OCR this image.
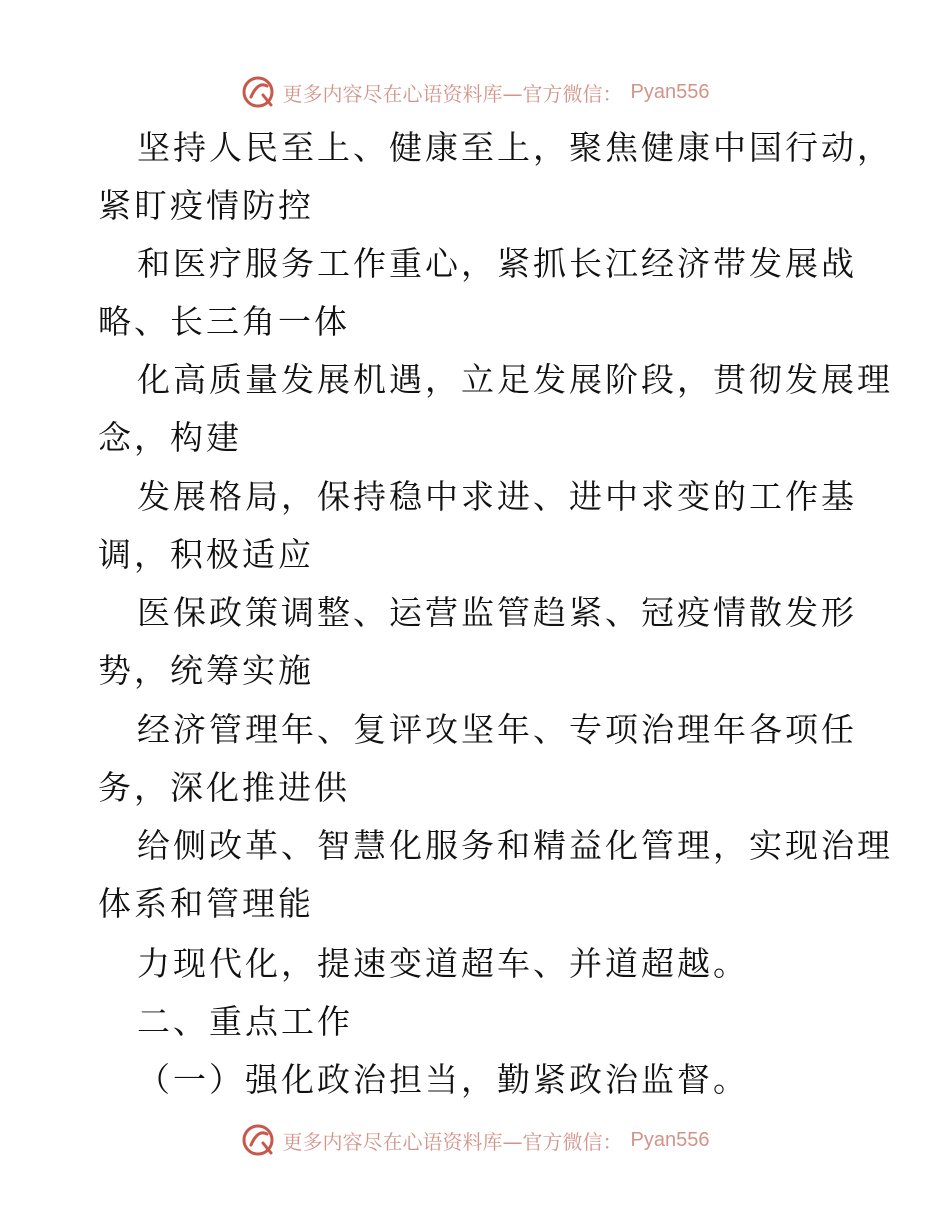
更多内容尽在心语资料库—官方微信： Pyan556
坚持人民至上、健康至上，聚焦健康中国行动，
紧盯疫情防控
和医疗服务工作重心，紧抓长江经济带发展战
略、长三角一体
化高质量发展机遇，立足发展阶段，贯彻发展理
念，构建
发展格局，保持稳中求进、进中求变的工作基
调，积极适应
医保政策调整、运营监管趋紧、冠疫情散发形
势，统筹实施
经济管理年、复评攻坚年、专项治理年各项任
务，深化推进供
给侧改革、智慧化服务和精益化管理，实现治理
体系和管理能
力现代化，提速变道超车、并道超越。
二、重点工作
（一）强化政治担当，勤紧政治监督。
更多内容尽在心语资料库—官方微信： Pyan556
